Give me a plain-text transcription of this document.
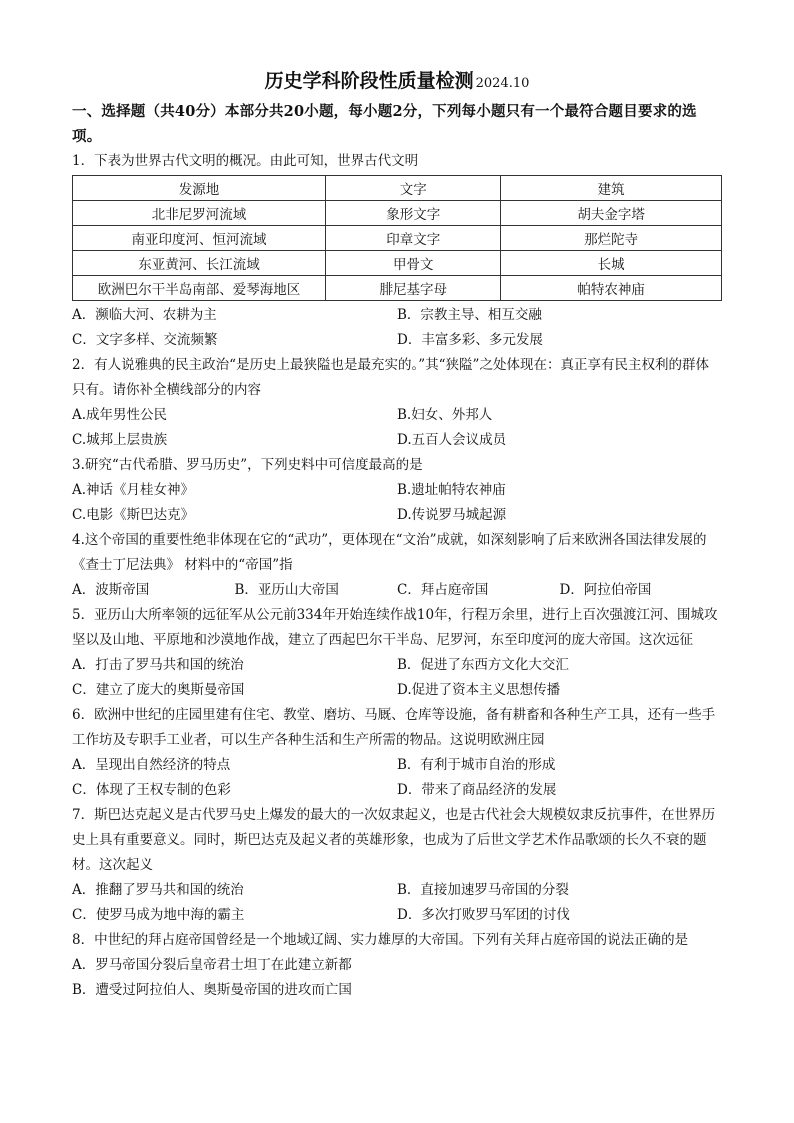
历史学科阶段性质量检测 2024.10

一、选择题（共40分）本部分共20小题，每小题2分，下列每小题只有一个最符合题目要求的选项。

1．下表为世界古代文明的概况。由此可知，世界古代文明

发源地	文字	建筑
北非尼罗河流域	象形文字	胡夫金字塔
南亚印度河、恒河流域	印章文字	那烂陀寺
东亚黄河、长江流域	甲骨文	长城
欧洲巴尔干半岛南部、爱琴海地区	腓尼基字母	帕特农神庙
A．濒临大河、农耕为主	B．宗教主导、相互交融
C．文字多样、交流频繁	D．丰富多彩、多元发展

2．有人说雅典的民主政治“是历史上最狭隘也是最充实的。”其“狭隘”之处体现在：真正享有民主权利的群体只有。请你补全横线部分的内容

A.成年男性公民	B.妇女、外邦人
C.城邦上层贵族	D.五百人会议成员

3.研究“古代希腊、罗马历史”，下列史料中可信度最高的是

A.神话《月桂女神》	B.遗址帕特农神庙
C.电影《斯巴达克》	D.传说罗马城起源

4.这个帝国的重要性绝非体现在它的“武功”，更体现在“文治”成就，如深刻影响了后来欧洲各国法律发展的《查士丁尼法典》 材料中的“帝国”指

A．波斯帝国	B．亚历山大帝国	C．拜占庭帝国	D．阿拉伯帝国

5．亚历山大所率领的远征军从公元前334年开始连续作战10年，行程万余里，进行上百次强渡江河、围城攻坚以及山地、平原地和沙漠地作战，建立了西起巴尔干半岛、尼罗河，东至印度河的庞大帝国。这次远征

A．打击了罗马共和国的统治	B．促进了东西方文化大交汇
C．建立了庞大的奥斯曼帝国	D.促进了资本主义思想传播

6．欧洲中世纪的庄园里建有住宅、教堂、磨坊、马厩、仓库等设施，备有耕畜和各种生产工具，还有一些手工作坊及专职手工业者，可以生产各种生活和生产所需的物品。这说明欧洲庄园

A．呈现出自然经济的特点	B．有利于城市自治的形成
C．体现了王权专制的色彩	D．带来了商品经济的发展

7．斯巴达克起义是古代罗马史上爆发的最大的一次奴隶起义，也是古代社会大规模奴隶反抗事件，在世界历史上具有重要意义。同时，斯巴达克及起义者的英雄形象，也成为了后世文学艺术作品歌颂的长久不衰的题材。这次起义

A．推翻了罗马共和国的统治	B．直接加速罗马帝国的分裂
C．使罗马成为地中海的霸主	D．多次打败罗马军团的讨伐

8．中世纪的拜占庭帝国曾经是一个地域辽阔、实力雄厚的大帝国。下列有关拜占庭帝国的说法正确的是

A．罗马帝国分裂后皇帝君士坦丁在此建立新都
B．遭受过阿拉伯人、奥斯曼帝国的进攻而亡国
